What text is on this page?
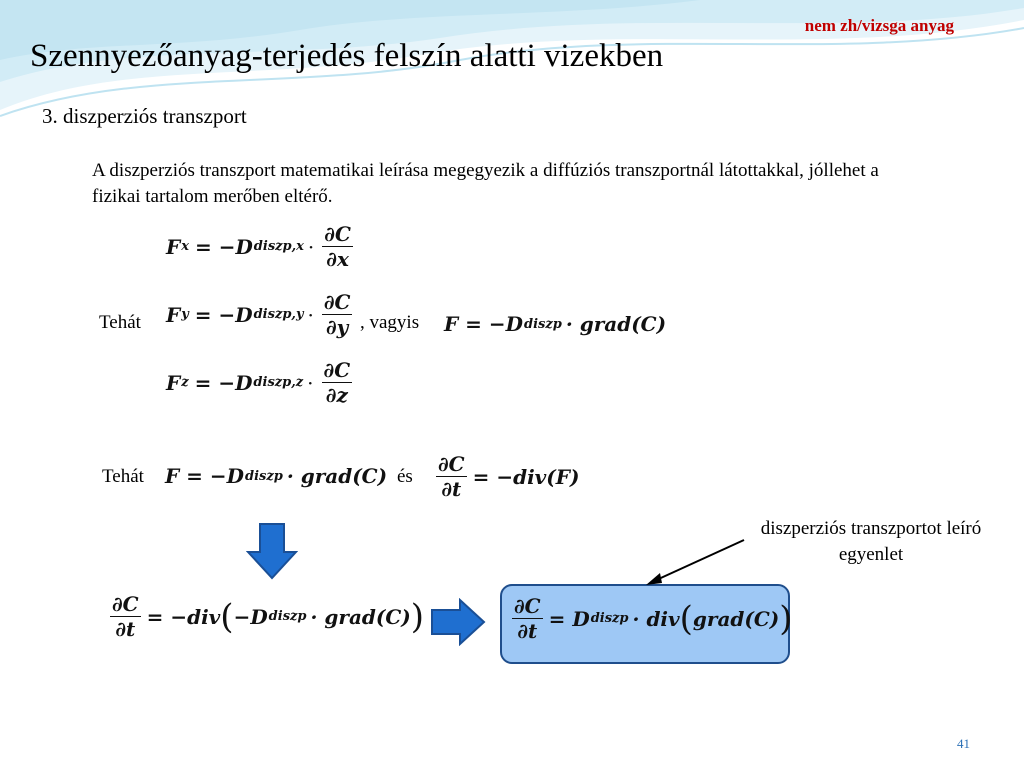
nem zh/vizsga anyag
Szennyezőanyag-terjedés felszín alatti vizekben
3. diszperziós transzport
A diszperziós transzport matematikai leírása megegyezik a diffúziós transzportnál látottakkal, jóllehet a fizikai tartalom merőben eltérő.
F x = −D diszp,x · $\frac{\partial C}{\partial x}$
Tehát F y = −D diszp,y · $\frac{\partial C}{\partial y}$ , vagyis F = −D diszp · grad(C)
F z = −D diszp,z · $\frac{\partial C}{\partial z}$
Tehát F = −D diszp · grad(C) és $\frac{\partial C}{\partial t} = -div(F)$
$\frac{\partial C}{\partial t} = -div$ ( −D diszp · grad(C) )	$\frac{\partial C}{\partial t} = D$ diszp · div ( grad(C) )
diszperziós transzportot leíró egyenlet
41
